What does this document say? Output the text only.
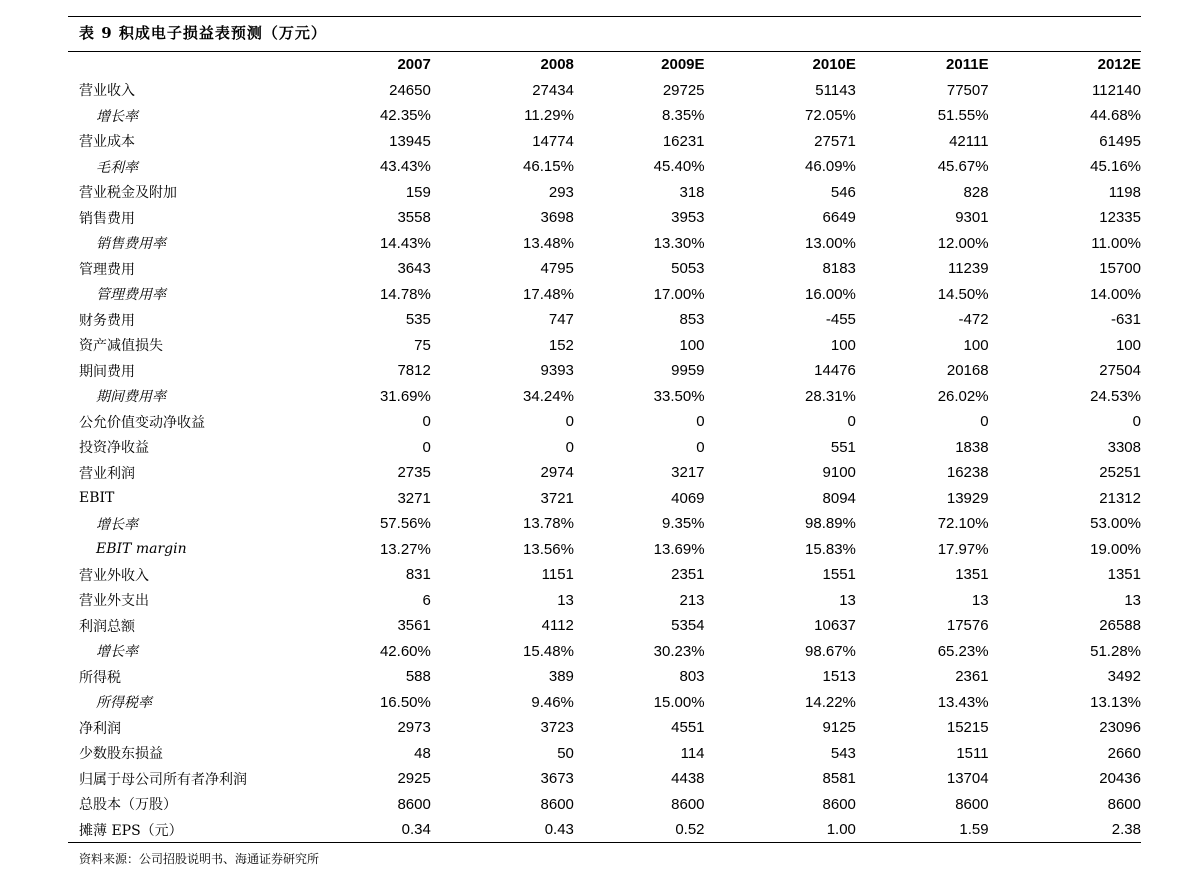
表 9 积成电子损益表预测（万元）
	2007	2008	2009E	2010E	2011E	2012E
营业收入	24650	27434	29725	51143	77507	112140
增长率	42.35%	11.29%	8.35%	72.05%	51.55%	44.68%
营业成本	13945	14774	16231	27571	42111	61495
毛利率	43.43%	46.15%	45.40%	46.09%	45.67%	45.16%
营业税金及附加	159	293	318	546	828	1198
销售费用	3558	3698	3953	6649	9301	12335
销售费用率	14.43%	13.48%	13.30%	13.00%	12.00%	11.00%
管理费用	3643	4795	5053	8183	11239	15700
管理费用率	14.78%	17.48%	17.00%	16.00%	14.50%	14.00%
财务费用	535	747	853	-455	-472	-631
资产减值损失	75	152	100	100	100	100
期间费用	7812	9393	9959	14476	20168	27504
期间费用率	31.69%	34.24%	33.50%	28.31%	26.02%	24.53%
公允价值变动净收益	0	0	0	0	0	0
投资净收益	0	0	0	551	1838	3308
营业利润	2735	2974	3217	9100	16238	25251
EBIT	3271	3721	4069	8094	13929	21312
增长率	57.56%	13.78%	9.35%	98.89%	72.10%	53.00%
EBIT margin	13.27%	13.56%	13.69%	15.83%	17.97%	19.00%
营业外收入	831	1151	2351	1551	1351	1351
营业外支出	6	13	213	13	13	13
利润总额	3561	4112	5354	10637	17576	26588
增长率	42.60%	15.48%	30.23%	98.67%	65.23%	51.28%
所得税	588	389	803	1513	2361	3492
所得税率	16.50%	9.46%	15.00%	14.22%	13.43%	13.13%
净利润	2973	3723	4551	9125	15215	23096
少数股东损益	48	50	114	543	1511	2660
归属于母公司所有者净利润	2925	3673	4438	8581	13704	20436
总股本（万股）	8600	8600	8600	8600	8600	8600
摊薄 EPS（元）	0.34	0.43	0.52	1.00	1.59	2.38
资料来源：公司招股说明书、海通证券研究所
